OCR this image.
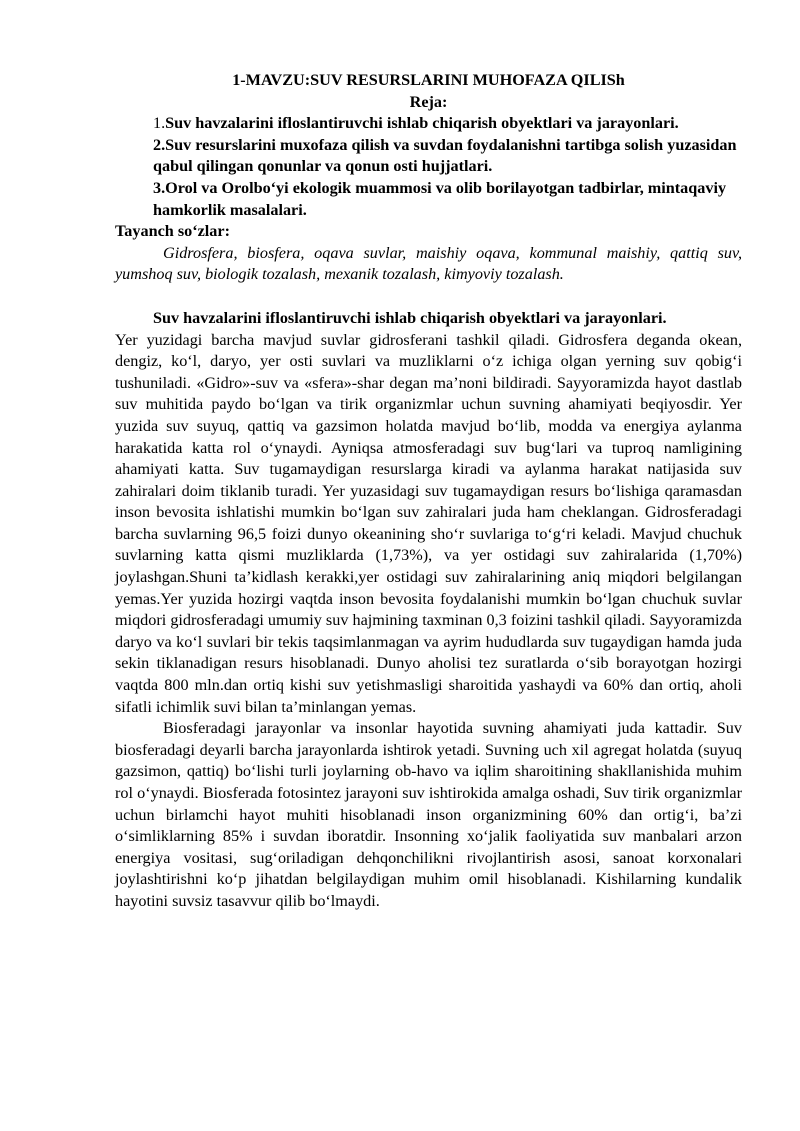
1-MAVZU:SUV RESURSLARINI MUHOFAZA QILISh

Reja:

1.Suv havzalarini ifloslantiruvchi ishlab chiqarish obyektlari va jarayonlari.

2.Suv resurslarini muxofaza qilish va suvdan foydalanishni tartibga solish yuzasidan qabul qilingan qonunlar va qonun osti hujjatlari.

3.Orol va Orolbo‘yi ekologik muammosi va olib borilayotgan tadbirlar, mintaqaviy hamkorlik masalalari.

Tayanch so‘zlar:

Gidrosfera, biosfera, oqava suvlar, maishiy oqava, kommunal maishiy, qattiq suv, yumshoq suv, biologik tozalash, mexanik tozalash, kimyoviy tozalash.

Suv havzalarini ifloslantiruvchi ishlab chiqarish obyektlari va jarayonlari.

Yer yuzidagi barcha mavjud suvlar gidrosferani tashkil qiladi. Gidrosfera deganda okean, dengiz, ko‘l, daryo, yer osti suvlari va muzliklarni o‘z ichiga olgan yerning suv qobig‘i tushuniladi. «Gidro»-suv va «sfera»-shar degan ma’noni bildiradi. Sayyoramizda hayot dastlab suv muhitida paydo bo‘lgan va tirik organizmlar uchun suvning ahamiyati beqiyosdir. Yer yuzida suv suyuq, qattiq va gazsimon holatda mavjud bo‘lib, modda va energiya aylanma harakatida katta rol o‘ynaydi. Ayniqsa atmosferadagi suv bug‘lari va tuproq namligining ahamiyati katta. Suv tugamaydigan resurslarga kiradi va aylanma harakat natijasida suv zahiralari doim tiklanib turadi. Yer yuzasidagi suv tugamaydigan resurs bo‘lishiga qaramasdan inson bevosita ishlatishi mumkin bo‘lgan suv zahiralari juda ham cheklangan. Gidrosferadagi barcha suvlarning 96,5 foizi dunyo okeanining sho‘r suvlariga to‘g‘ri keladi. Mavjud chuchuk suvlarning katta qismi muzliklarda (1,73%), va yer ostidagi suv zahiralarida (1,70%) joylashgan.Shuni ta’kidlash kerakki,yer ostidagi suv zahiralarining aniq miqdori belgilangan yemas.Yer yuzida hozirgi vaqtda inson bevosita foydalanishi mumkin bo‘lgan chuchuk suvlar miqdori gidrosferadagi umumiy suv hajmining taxminan 0,3 foizini tashkil qiladi. Sayyoramizda daryo va ko‘l suvlari bir tekis taqsimlanmagan va ayrim hududlarda suv tugaydigan hamda juda sekin tiklanadigan resurs hisoblanadi. Dunyo aholisi tez suratlarda o‘sib borayotgan hozirgi vaqtda 800 mln.dan ortiq kishi suv yetishmasligi sharoitida yashaydi va 60% dan ortiq, aholi sifatli ichimlik suvi bilan ta’minlangan yemas.

Biosferadagi jarayonlar va insonlar hayotida suvning ahamiyati juda kattadir. Suv biosferadagi deyarli barcha jarayonlarda ishtirok yetadi. Suvning uch xil agregat holatda (suyuq gazsimon, qattiq) bo‘lishi turli joylarning ob-havo va iqlim sharoitining shakllanishida muhim rol o‘ynaydi. Biosferada fotosintez jarayoni suv ishtirokida amalga oshadi, Suv tirik organizmlar uchun birlamchi hayot muhiti hisoblanadi inson organizmining 60% dan ortig‘i, ba’zi o‘simliklarning 85% i suvdan iboratdir. Insonning xo‘jalik faoliyatida suv manbalari arzon energiya vositasi, sug‘oriladigan dehqonchilikni rivojlantirish asosi, sanoat korxonalari joylashtirishni ko‘p jihatdan belgilaydigan muhim omil hisoblanadi. Kishilarning kundalik hayotini suvsiz tasavvur qilib bo‘lmaydi.
